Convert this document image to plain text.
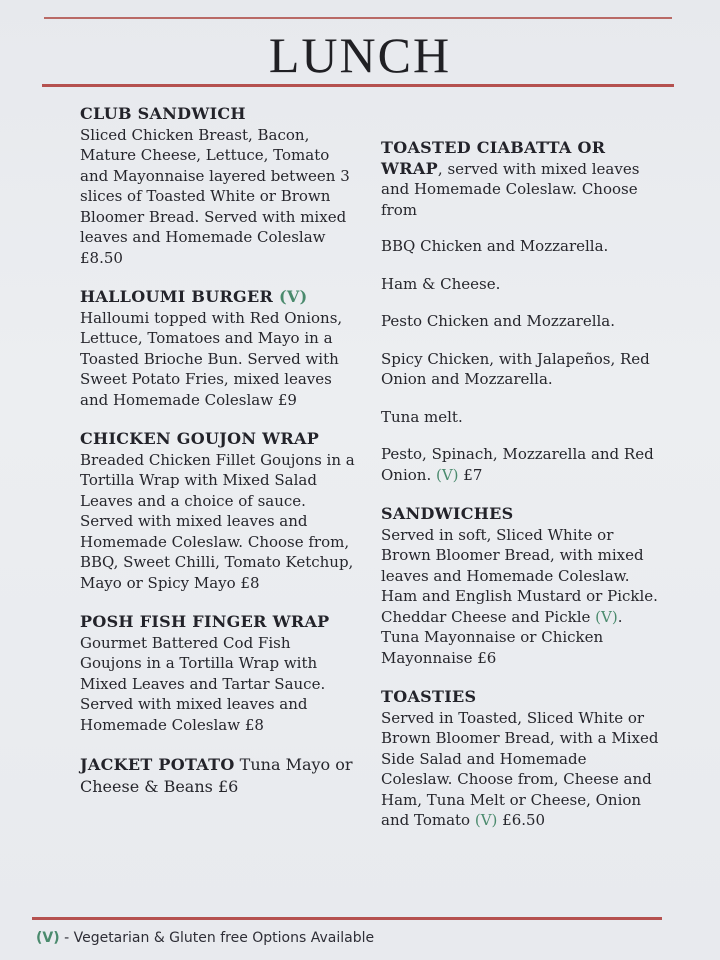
LUNCH
CLUB SANDWICH
Sliced Chicken Breast, Bacon, Mature Cheese, Lettuce, Tomato and Mayonnaise layered between 3 slices of Toasted White or Brown Bloomer Bread. Served with mixed leaves and Homemade Coleslaw £8.50
HALLOUMI BURGER (V)
Halloumi topped with Red Onions, Lettuce, Tomatoes and Mayo in a Toasted Brioche Bun. Served with Sweet Potato Fries, mixed leaves and Homemade Coleslaw £9
CHICKEN GOUJON WRAP
Breaded Chicken Fillet Goujons in a Tortilla Wrap with Mixed Salad Leaves and a choice of sauce. Served with mixed leaves and Homemade Coleslaw. Choose from, BBQ, Sweet Chilli, Tomato Ketchup, Mayo or Spicy Mayo £8
POSH FISH FINGER WRAP
Gourmet Battered Cod Fish Goujons in a Tortilla Wrap with Mixed Leaves and Tartar Sauce. Served with mixed leaves and Homemade Coleslaw £8
JACKET POTATO Tuna Mayo or Cheese & Beans £6
TOASTED CIABATTA OR WRAP, served with mixed leaves and Homemade Coleslaw. Choose from
BBQ Chicken and Mozzarella.
Ham & Cheese.
Pesto Chicken and Mozzarella.
Spicy Chicken, with Jalapeños, Red Onion and Mozzarella.
Tuna melt.
Pesto, Spinach, Mozzarella and Red Onion. (V) £7
SANDWICHES
Served in soft, Sliced White or Brown Bloomer Bread, with mixed leaves and Homemade Coleslaw. Ham and English Mustard or Pickle. Cheddar Cheese and Pickle (V). Tuna Mayonnaise or Chicken Mayonnaise £6
TOASTIES
Served in Toasted, Sliced White or Brown Bloomer Bread, with a Mixed Side Salad and Homemade Coleslaw. Choose from, Cheese and Ham, Tuna Melt or Cheese, Onion and Tomato (V) £6.50
(V) - Vegetarian & Gluten free Options Available
